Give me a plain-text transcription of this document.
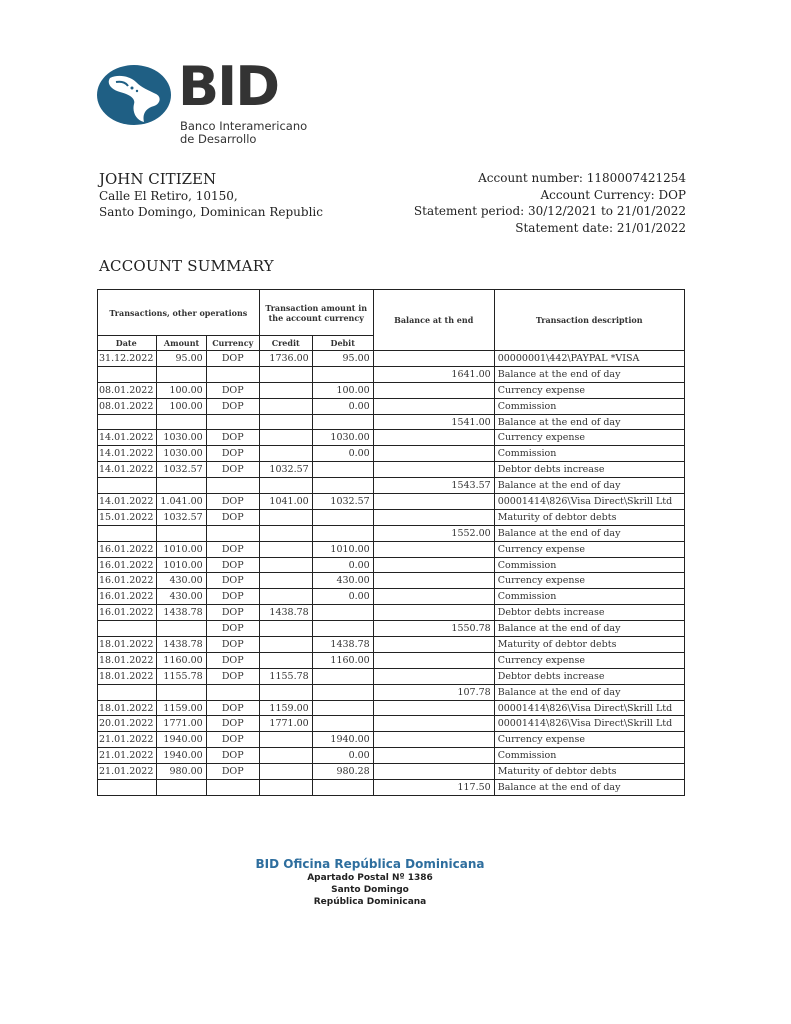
BID
Banco Interamericano
de Desarrollo
JOHN CITIZEN
Calle El Retiro, 10150,
Santo Domingo, Dominican Republic
Account number: 1180007421254
Account Currency: DOP
Statement period: 30/12/2021 to 21/01/2022
Statement date: 21/01/2022
ACCOUNT SUMMARY
Transactions, other operations			Transaction amount in the account currency		Balance at th end	Transaction description
Date	Amount	Currency	Credit	Debit		
31.12.2022	95.00	DOP	1736.00	95.00		00000001\442\PAYPAL *VISA
					1641.00	Balance at the end of day
08.01.2022	100.00	DOP		100.00		Currency expense
08.01.2022	100.00	DOP		0.00		Commission
					1541.00	Balance at the end of day
14.01.2022	1030.00	DOP		1030.00		Currency expense
14.01.2022	1030.00	DOP		0.00		Commission
14.01.2022	1032.57	DOP	1032.57			Debtor debts increase
					1543.57	Balance at the end of day
14.01.2022	1.041.00	DOP	1041.00	1032.57		00001414\826\Visa Direct\Skrill Ltd
15.01.2022	1032.57	DOP				Maturity of debtor debts
					1552.00	Balance at the end of day
16.01.2022	1010.00	DOP		1010.00		Currency expense
16.01.2022	1010.00	DOP		0.00		Commission
16.01.2022	430.00	DOP		430.00		Currency expense
16.01.2022	430.00	DOP		0.00		Commission
16.01.2022	1438.78	DOP	1438.78			Debtor debts increase
		DOP			1550.78	Balance at the end of day
18.01.2022	1438.78	DOP		1438.78		Maturity of debtor debts
18.01.2022	1160.00	DOP		1160.00		Currency expense
18.01.2022	1155.78	DOP	1155.78			Debtor debts increase
					107.78	Balance at the end of day
18.01.2022	1159.00	DOP	1159.00			00001414\826\Visa Direct\Skrill Ltd
20.01.2022	1771.00	DOP	1771.00			00001414\826\Visa Direct\Skrill Ltd
21.01.2022	1940.00	DOP		1940.00		Currency expense
21.01.2022	1940.00	DOP		0.00		Commission
21.01.2022	980.00	DOP		980.28		Maturity of debtor debts
					117.50	Balance at the end of day
BID Oficina República Dominicana
Apartado Postal Nº 1386
Santo Domingo
República Dominicana
